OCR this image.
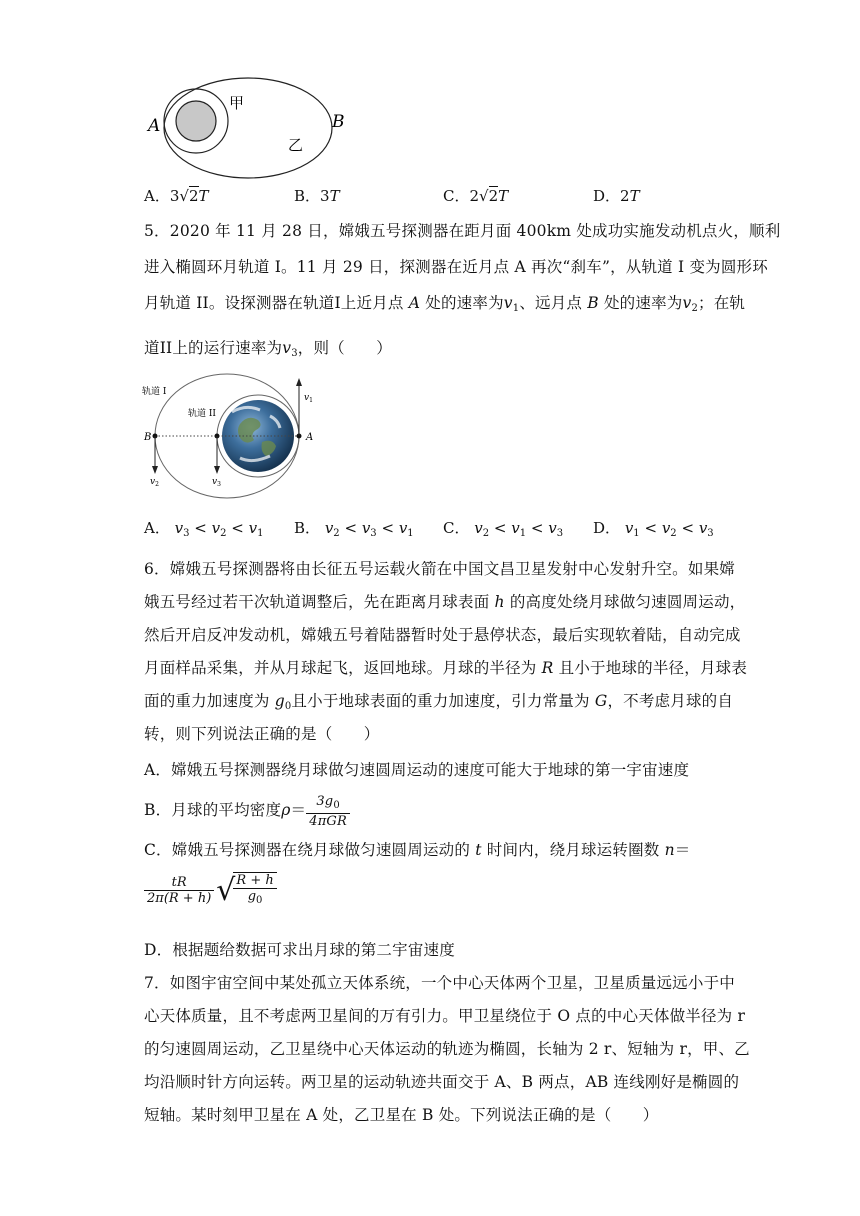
A	B
甲
乙
A．3√2T	B．3T	C．2√2T	D．2T
5．2020 年 11 月 28 日，嫦娥五号探测器在距月面 400km 处成功实施发动机点火，顺利
进入椭圆环月轨道 I。11 月 29 日，探测器在近月点 A 再次“刹车”，从轨道 I 变为圆形环
月轨道 II。设探测器在轨道I上近月点 A 处的速率为$v_1$、远月点 B 处的速率为$v_2$；在轨
道II上的运行速率为$v_3$，则（　　）
轨道 I
轨道 II
B	A
$v_1$
$v_2$	$v_3$
A． $v_3 < v_2 < v_1$ B． $v_2 < v_3 < v_1$ C． $v_2 < v_1 < v_3$ D． $v_1 < v_2 < v_3$
6．嫦娥五号探测器将由长征五号运载火箭在中国文昌卫星发射中心发射升空。如果嫦
娥五号经过若干次轨道调整后，先在距离月球表面 h 的高度处绕月球做匀速圆周运动，
然后开启反冲发动机，嫦娥五号着陆器暂时处于悬停状态，最后实现软着陆，自动完成
月面样品采集，并从月球起飞，返回地球。月球的半径为 R 且小于地球的半径，月球表
面的重力加速度为 $g_0$且小于地球表面的重力加速度，引力常量为 G，不考虑月球的自
转，则下列说法正确的是（　　）
A．嫦娥五号探测器绕月球做匀速圆周运动的速度可能大于地球的第一宇宙速度
B．月球的平均密度$\rho= \frac{3g_0}{\text{4πGR}}$
C．嫦娥五号探测器在绕月球做匀速圆周运动的 t 时间内，绕月球运转圈数 n＝
$\frac{tR}{2\pi(R + h)}$ √
$\frac{R + h}{g_0}$
D．根据题给数据可求出月球的第二宇宙速度
7．如图宇宙空间中某处孤立天体系统，一个中心天体两个卫星，卫星质量远远小于中
心天体质量，且不考虑两卫星间的万有引力。甲卫星绕位于 O 点的中心天体做半径为 r
的匀速圆周运动，乙卫星绕中心天体运动的轨迹为椭圆，长轴为 2 r、短轴为 r，甲、乙
均沿顺时针方向运转。两卫星的运动轨迹共面交于 A、B 两点，AB 连线刚好是椭圆的
短轴。某时刻甲卫星在 A 处，乙卫星在 B 处。下列说法正确的是（　　）
